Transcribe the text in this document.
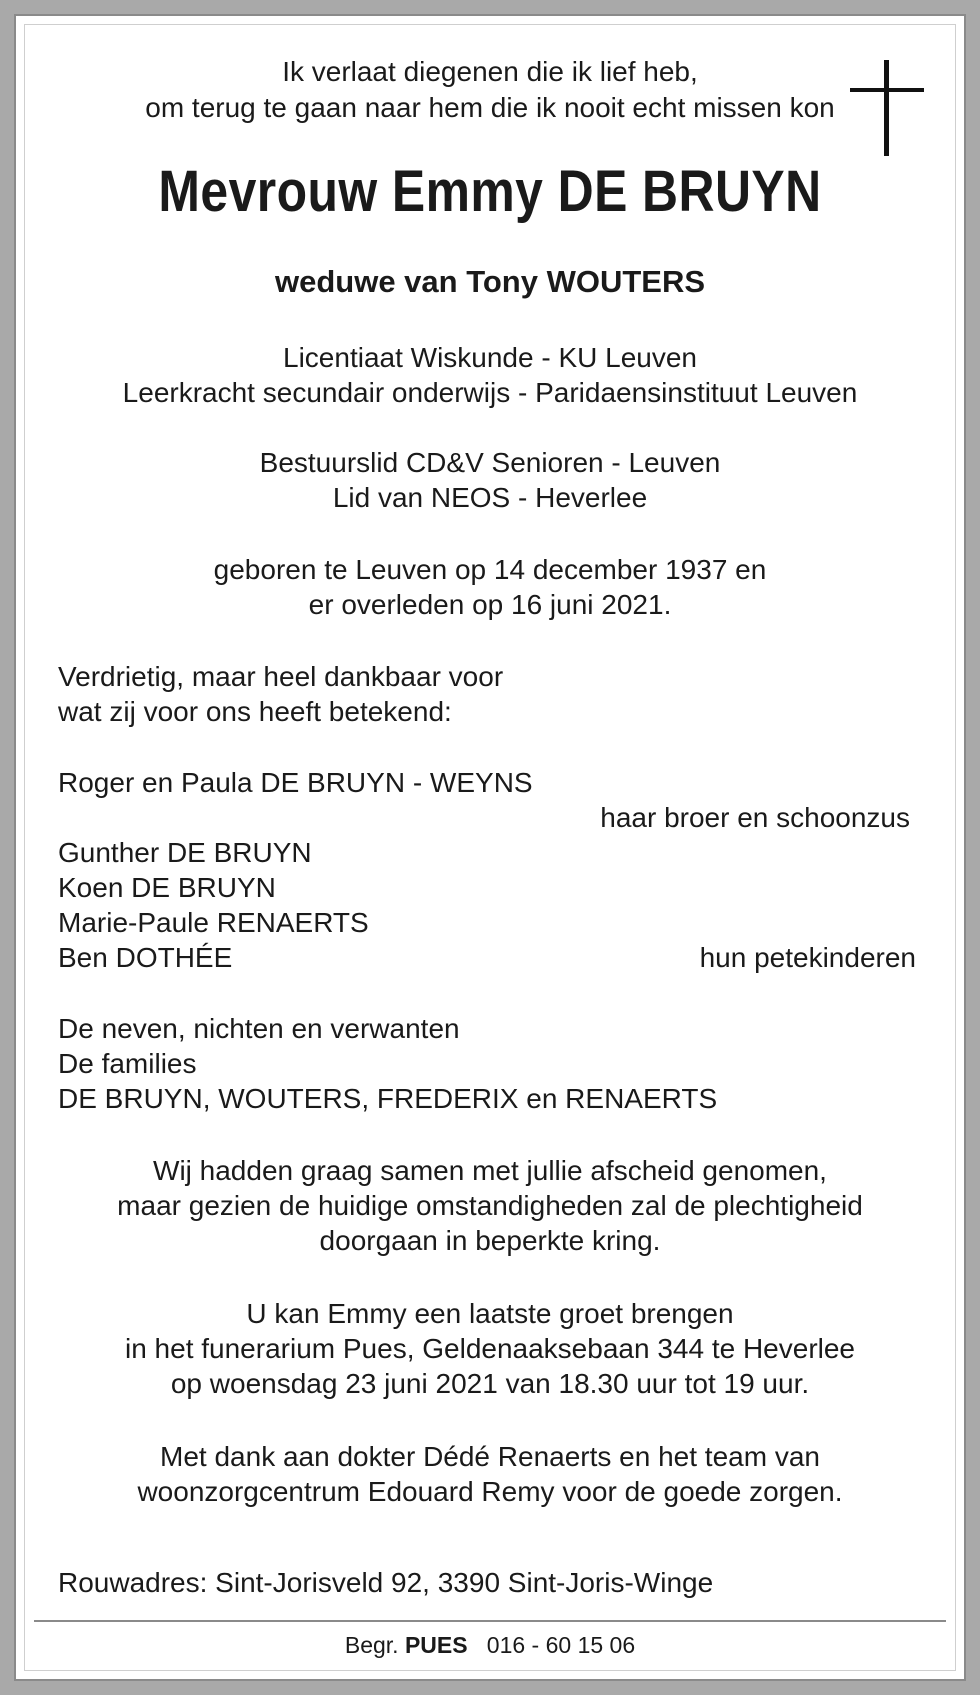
Ik verlaat diegenen die ik lief heb,
om terug te gaan naar hem die ik nooit echt missen kon
Mevrouw Emmy DE BRUYN
weduwe van Tony WOUTERS
Licentiaat Wiskunde - KU Leuven
Leerkracht secundair onderwijs - Paridaensinstituut Leuven
Bestuurslid CD&V Senioren - Leuven
Lid van NEOS - Heverlee
geboren te Leuven op 14 december 1937 en
er overleden op 16 juni 2021.
Verdrietig, maar heel dankbaar voor
wat zij voor ons heeft betekend:
Roger en Paula DE BRUYN - WEYNS
haar broer en schoonzus
Gunther DE BRUYN
Koen DE BRUYN
Marie-Paule RENAERTS
Ben DOTHÉE	hun petekinderen
De neven, nichten en verwanten
De families
DE BRUYN, WOUTERS, FREDERIX en RENAERTS
Wij hadden graag samen met jullie afscheid genomen,
maar gezien de huidige omstandigheden zal de plechtigheid
doorgaan in beperkte kring.
U kan Emmy een laatste groet brengen
in het funerarium Pues, Geldenaaksebaan 344 te Heverlee
op woensdag 23 juni 2021 van 18.30 uur tot 19 uur.
Met dank aan dokter Dédé Renaerts en het team van
woonzorgcentrum Edouard Remy voor de goede zorgen.
Rouwadres: Sint-Jorisveld 92, 3390 Sint-Joris-Winge
Begr. PUES 016 - 60 15 06
